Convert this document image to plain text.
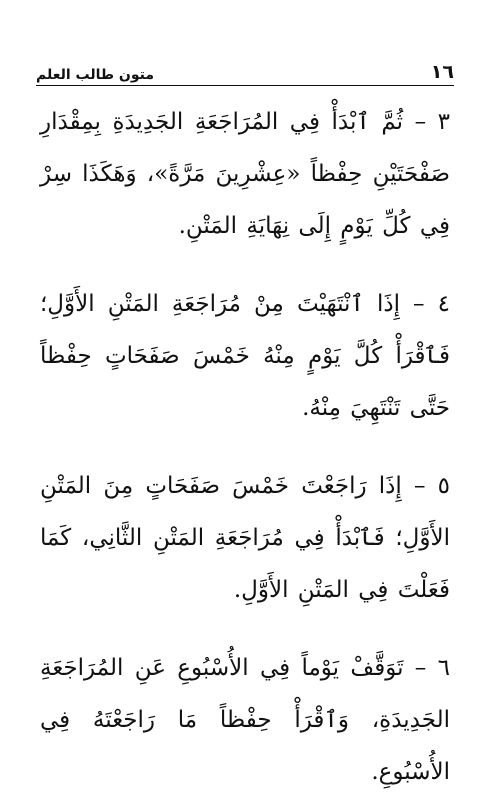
١٦
متون طالب العلم

٣ – ثُمَّ ٱبْدَأْ فِي المُرَاجَعَةِ الجَدِيدَةِ بِمِقْدَارِ صَفْحَتَيْنِ حِفْظاً «عِشْرِينَ مَرَّةً»، وَهَكَذَا سِرْ فِي كُلِّ يَوْمٍ إِلَى نِهَايَةِ المَتْنِ.

٤ – إِذَا ٱنْتَهَيْتَ مِنْ مُرَاجَعَةِ المَتْنِ الأَوَّلِ؛ فَٱقْرَأْ كُلَّ يَوْمٍ مِنْهُ خَمْسَ صَفَحَاتٍ حِفْظاً حَتَّى تَنْتَهِيَ مِنْهُ.

٥ – إِذَا رَاجَعْتَ خَمْسَ صَفَحَاتٍ مِنَ المَتْنِ الأَوَّلِ؛ فَٱبْدَأْ فِي مُرَاجَعَةِ المَتْنِ الثَّانِي، كَمَا فَعَلْتَ فِي المَتْنِ الأَوَّلِ.

٦ – تَوَقَّفْ يَوْماً فِي الأُسْبُوعِ عَنِ المُرَاجَعَةِ الجَدِيدَةِ، وَٱقْرَأْ حِفْظاً مَا رَاجَعْتَهُ فِي الأُسْبُوعِ.
